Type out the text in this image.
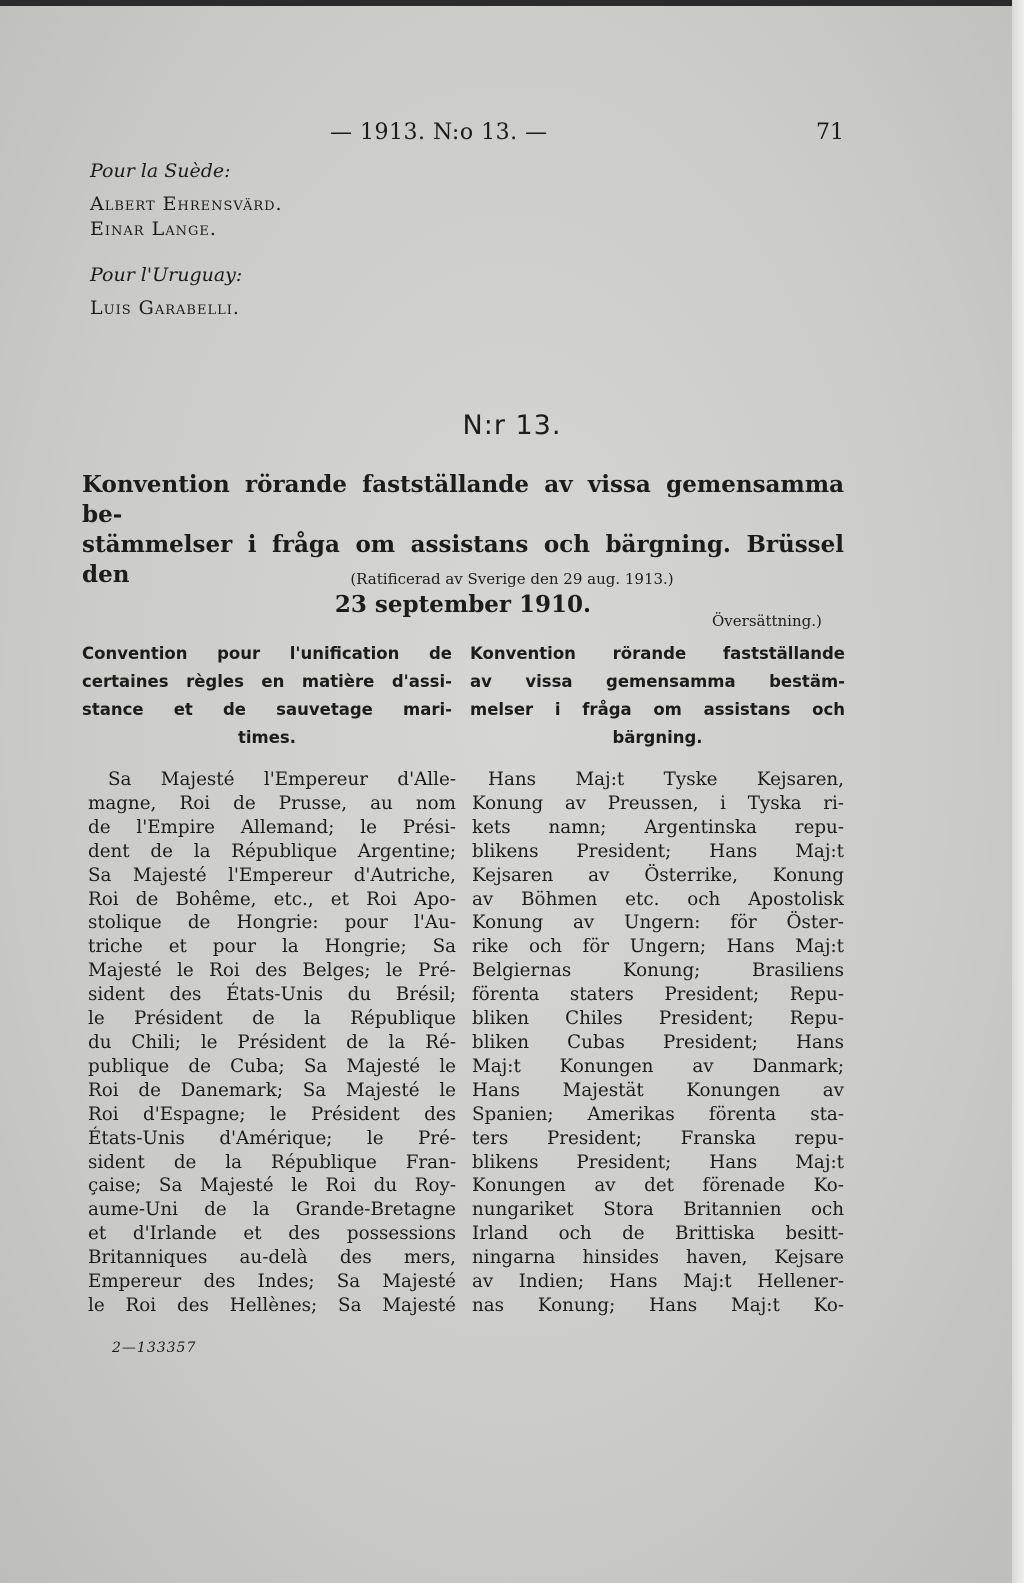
— 1913. N:o 13. —	71
Pour la Suède:
Albert Ehrensvärd.
Einar Lange.
Pour l'Uruguay:
Luis Garabelli.
N:r 13.
Konvention rörande fastställande av vissa gemensamma be-
stämmelser i fråga om assistans och bärgning. Brüssel den
23 september 1910.
(Ratificerad av Sverige den 29 aug. 1913.)
Översättning.)
Convention pour l'unification de
certaines règles en matière d'assi-
stance et de sauvetage mari-
times.
Konvention rörande fastställande
av vissa gemensamma bestäm-
melser i fråga om assistans och
bärgning.
Sa Majesté l'Empereur d'Alle-
magne, Roi de Prusse, au nom
de l'Empire Allemand; le Prési-
dent de la République Argentine;
Sa Majesté l'Empereur d'Autriche,
Roi de Bohême, etc., et Roi Apo-
stolique de Hongrie: pour l'Au-
triche et pour la Hongrie; Sa
Majesté le Roi des Belges; le Pré-
sident des États-Unis du Brésil;
le Président de la République
du Chili; le Président de la Ré-
publique de Cuba; Sa Majesté le
Roi de Danemark; Sa Majesté le
Roi d'Espagne; le Président des
États-Unis d'Amérique; le Pré-
sident de la République Fran-
çaise; Sa Majesté le Roi du Roy-
aume-Uni de la Grande-Bretagne
et d'Irlande et des possessions
Britanniques au-delà des mers,
Empereur des Indes; Sa Majesté
le Roi des Hellènes; Sa Majesté
Hans Maj:t Tyske Kejsaren,
Konung av Preussen, i Tyska ri-
kets namn; Argentinska repu-
blikens President; Hans Maj:t
Kejsaren av Österrike, Konung
av Böhmen etc. och Apostolisk
Konung av Ungern: för Öster-
rike och för Ungern; Hans Maj:t
Belgiernas Konung; Brasiliens
förenta staters President; Repu-
bliken Chiles President; Repu-
bliken Cubas President; Hans
Maj:t Konungen av Danmark;
Hans Majestät Konungen av
Spanien; Amerikas förenta sta-
ters President; Franska repu-
blikens President; Hans Maj:t
Konungen av det förenade Ko-
nungariket Stora Britannien och
Irland och de Brittiska besitt-
ningarna hinsides haven, Kejsare
av Indien; Hans Maj:t Hellener-
nas Konung; Hans Maj:t Ko-
2—133357
